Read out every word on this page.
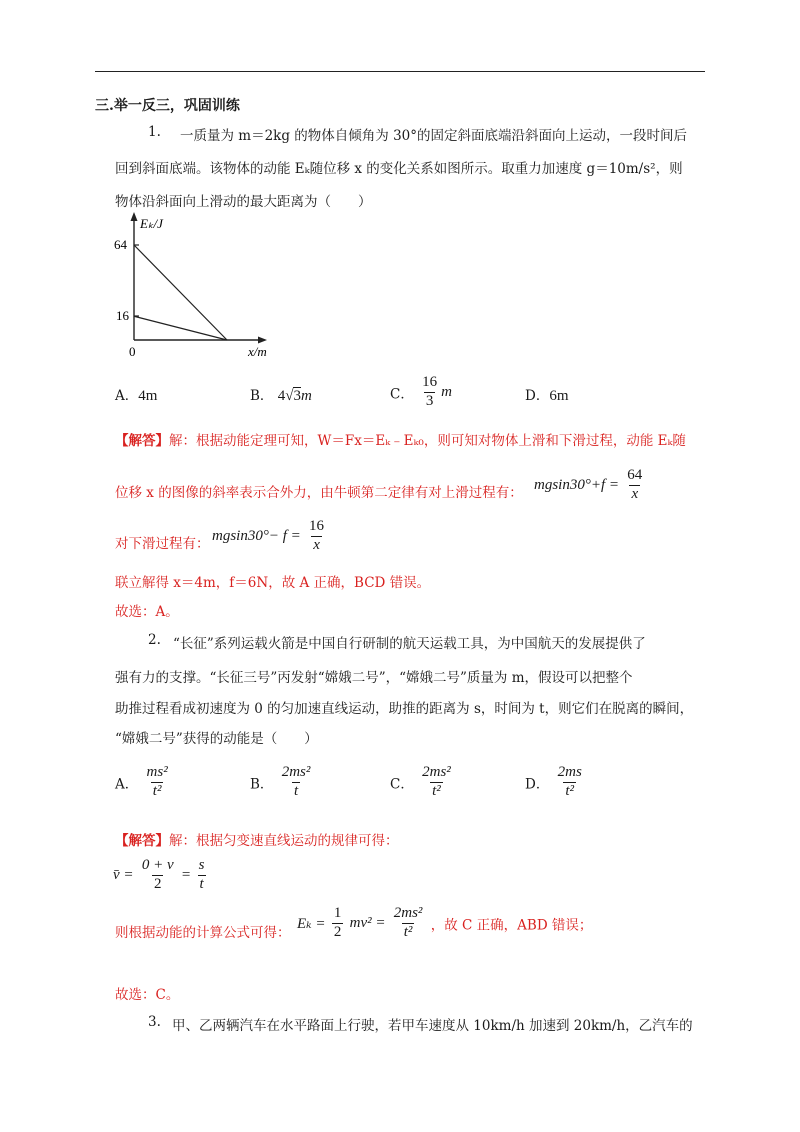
三.举一反三，巩固训练
1. 一质量为 m＝2kg 的物体自倾角为 30°的固定斜面底端沿斜面向上运动，一段时间后
回到斜面底端。该物体的动能 Eₖ随位移 x 的变化关系如图所示。取重力加速度 g＝10m/s²，则
物体沿斜面向上滑动的最大距离为（　　）
Eₖ/J
64
16
0	x/m
A．4m	B． 4√3m	C． $\frac{16}{3}$ m	D．6m
【解答】解：根据动能定理可知，W＝Fx＝Eₖ﹣Eₖ₀，则可知对物体上滑和下滑过程，动能 Eₖ随
位移 x 的图像的斜率表示合外力，由牛顿第二定律有对上滑过程有：
$mgsin30^\circ+f = \frac{64}{x}$
对下滑过程有：
$mgsin30^\circ- f = \frac{16}{x}$
联立解得 x＝4m，f＝6N，故 A 正确，BCD 错误。
故选：A。
2. “长征”系列运载火箭是中国自行研制的航天运载工具，为中国航天的发展提供了
强有力的支撑。“长征三号”丙发射“嫦娥二号”，“嫦娥二号”质量为 m，假设可以把整个
助推过程看成初速度为 0 的匀加速直线运动，助推的距离为 s，时间为 t，则它们在脱离的瞬间，
“嫦娥二号”获得的动能是（　　）
A． $\frac{\text{ms²}}{\text{t²}}$	B． $\frac{\text{2ms²}}{t}$	C． $\frac{\text{2ms²}}{\text{t²}}$	D． $\frac{2ms}{\text{t²}}$
【解答】解：根据匀变速直线运动的规律可得：
v̄ = $\frac{0 + v}{2} = \frac{s}{t}$
则根据动能的计算公式可得：
$E_k = \frac{1}{2} mv^2 = \frac{\text{2ms²}}{\text{t²}}$ ，故 C 正确，ABD 错误；
故选：C。
3. 甲、乙两辆汽车在水平路面上行驶，若甲车速度从 10km/h 加速到 20km/h，乙汽车的
